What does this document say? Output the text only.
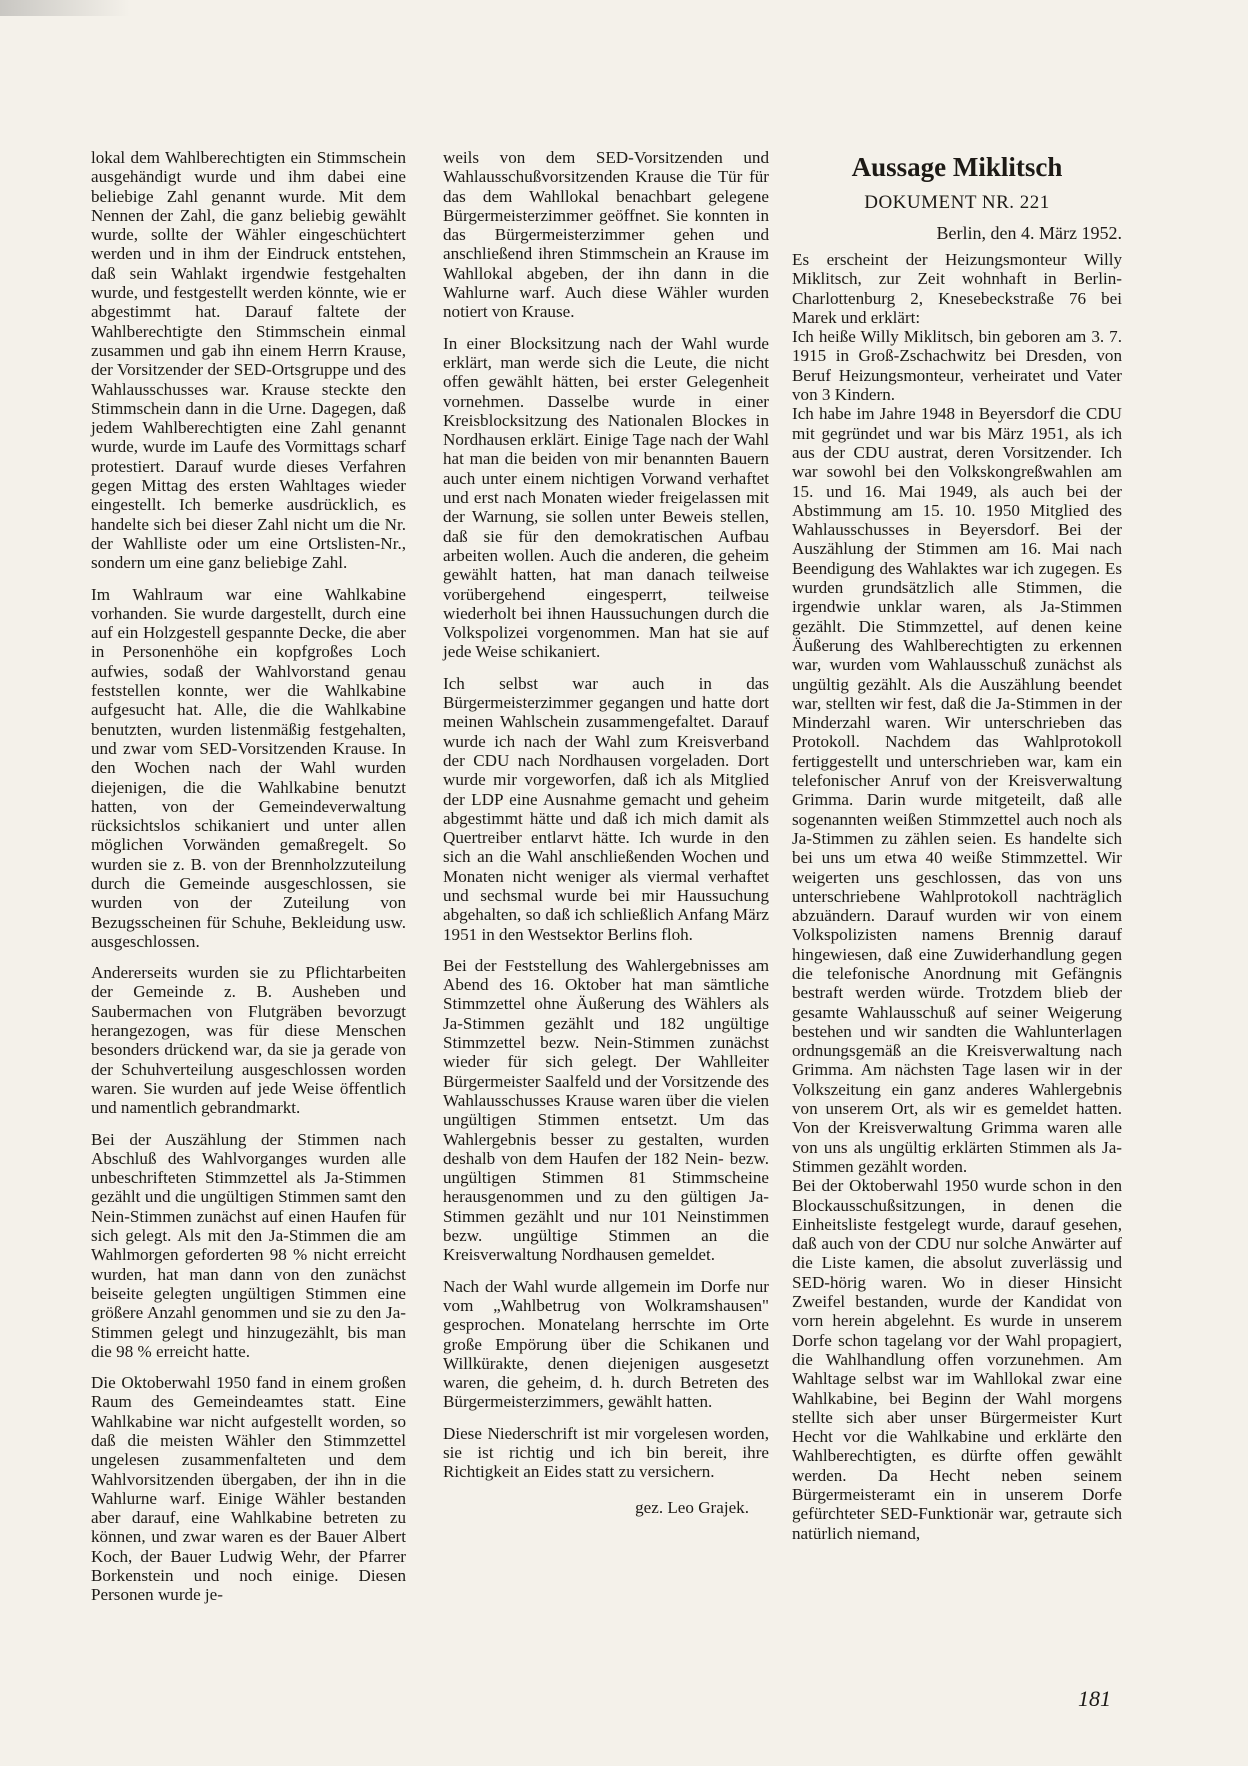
lokal dem Wahlberechtigten ein Stimmschein ausgehändigt wurde und ihm dabei eine beliebige Zahl genannt wurde. Mit dem Nennen der Zahl, die ganz beliebig gewählt wurde, sollte der Wähler eingeschüchtert werden und in ihm der Eindruck entstehen, daß sein Wahlakt irgendwie festgehalten wurde, und festgestellt werden könnte, wie er abgestimmt hat. Darauf faltete der Wahlberechtigte den Stimmschein einmal zusammen und gab ihn einem Herrn Krause, der Vorsitzender der SED-Ortsgruppe und des Wahlausschusses war. Krause steckte den Stimmschein dann in die Urne. Dagegen, daß jedem Wahlberechtigten eine Zahl genannt wurde, wurde im Laufe des Vormittags scharf protestiert. Darauf wurde dieses Verfahren gegen Mittag des ersten Wahltages wieder eingestellt. Ich bemerke ausdrücklich, es handelte sich bei dieser Zahl nicht um die Nr. der Wahlliste oder um eine Ortslisten-Nr., sondern um eine ganz beliebige Zahl.

Im Wahlraum war eine Wahlkabine vorhanden. Sie wurde dargestellt, durch eine auf ein Holzgestell gespannte Decke, die aber in Personenhöhe ein kopfgroßes Loch aufwies, sodaß der Wahlvorstand genau feststellen konnte, wer die Wahlkabine aufgesucht hat. Alle, die die Wahlkabine benutzten, wurden listenmäßig festgehalten, und zwar vom SED-Vorsitzenden Krause. In den Wochen nach der Wahl wurden diejenigen, die die Wahlkabine benutzt hatten, von der Gemeindeverwaltung rücksichtslos schikaniert und unter allen möglichen Vorwänden gemaßregelt. So wurden sie z. B. von der Brennholzzuteilung durch die Gemeinde ausgeschlossen, sie wurden von der Zuteilung von Bezugsscheinen für Schuhe, Bekleidung usw. ausgeschlossen.

Andererseits wurden sie zu Pflichtarbeiten der Gemeinde z. B. Ausheben und Saubermachen von Flutgräben bevorzugt herangezogen, was für diese Menschen besonders drückend war, da sie ja gerade von der Schuhverteilung ausgeschlossen worden waren. Sie wurden auf jede Weise öffentlich und namentlich gebrandmarkt.

Bei der Auszählung der Stimmen nach Abschluß des Wahlvorganges wurden alle unbeschrifteten Stimmzettel als Ja-Stimmen gezählt und die ungültigen Stimmen samt den Nein-Stimmen zunächst auf einen Haufen für sich gelegt. Als mit den Ja-Stimmen die am Wahlmorgen geforderten 98 % nicht erreicht wurden, hat man dann von den zunächst beiseite gelegten ungültigen Stimmen eine größere Anzahl genommen und sie zu den Ja-Stimmen gelegt und hinzugezählt, bis man die 98 % erreicht hatte.

Die Oktoberwahl 1950 fand in einem großen Raum des Gemeindeamtes statt. Eine Wahlkabine war nicht aufgestellt worden, so daß die meisten Wähler den Stimmzettel ungelesen zusammenfalteten und dem Wahlvorsitzenden übergaben, der ihn in die Wahlurne warf. Einige Wähler bestanden aber darauf, eine Wahlkabine betreten zu können, und zwar waren es der Bauer Albert Koch, der Bauer Ludwig Wehr, der Pfarrer Borkenstein und noch einige. Diesen Personen wurde je-

weils von dem SED-Vorsitzenden und Wahlausschußvorsitzenden Krause die Tür für das dem Wahllokal benachbart gelegene Bürgermeisterzimmer geöffnet. Sie konnten in das Bürgermeisterzimmer gehen und anschließend ihren Stimmschein an Krause im Wahllokal abgeben, der ihn dann in die Wahlurne warf. Auch diese Wähler wurden notiert von Krause.

In einer Blocksitzung nach der Wahl wurde erklärt, man werde sich die Leute, die nicht offen gewählt hätten, bei erster Gelegenheit vornehmen. Dasselbe wurde in einer Kreisblocksitzung des Nationalen Blockes in Nordhausen erklärt. Einige Tage nach der Wahl hat man die beiden von mir benannten Bauern auch unter einem nichtigen Vorwand verhaftet und erst nach Monaten wieder freigelassen mit der Warnung, sie sollen unter Beweis stellen, daß sie für den demokratischen Aufbau arbeiten wollen. Auch die anderen, die geheim gewählt hatten, hat man danach teilweise vorübergehend eingesperrt, teilweise wiederholt bei ihnen Haussuchungen durch die Volkspolizei vorgenommen. Man hat sie auf jede Weise schikaniert.

Ich selbst war auch in das Bürgermeisterzimmer gegangen und hatte dort meinen Wahlschein zusammengefaltet. Darauf wurde ich nach der Wahl zum Kreisverband der CDU nach Nordhausen vorgeladen. Dort wurde mir vorgeworfen, daß ich als Mitglied der LDP eine Ausnahme gemacht und geheim abgestimmt hätte und daß ich mich damit als Quertreiber entlarvt hätte. Ich wurde in den sich an die Wahl anschließenden Wochen und Monaten nicht weniger als viermal verhaftet und sechsmal wurde bei mir Haussuchung abgehalten, so daß ich schließlich Anfang März 1951 in den Westsektor Berlins floh.

Bei der Feststellung des Wahlergebnisses am Abend des 16. Oktober hat man sämtliche Stimmzettel ohne Äußerung des Wählers als Ja-Stimmen gezählt und 182 ungültige Stimmzettel bezw. Nein-Stimmen zunächst wieder für sich gelegt. Der Wahlleiter Bürgermeister Saalfeld und der Vorsitzende des Wahlausschusses Krause waren über die vielen ungültigen Stimmen entsetzt. Um das Wahlergebnis besser zu gestalten, wurden deshalb von dem Haufen der 182 Nein- bezw. ungültigen Stimmen 81 Stimmscheine herausgenommen und zu den gültigen Ja-Stimmen gezählt und nur 101 Neinstimmen bezw. ungültige Stimmen an die Kreisverwaltung Nordhausen gemeldet.

Nach der Wahl wurde allgemein im Dorfe nur vom „Wahlbetrug von Wolkramshausen" gesprochen. Monatelang herrschte im Orte große Empörung über die Schikanen und Willkürakte, denen diejenigen ausgesetzt waren, die geheim, d. h. durch Betreten des Bürgermeisterzimmers, gewählt hatten.

Diese Niederschrift ist mir vorgelesen worden, sie ist richtig und ich bin bereit, ihre Richtigkeit an Eides statt zu versichern.

gez. Leo Grajek.

Aussage Miklitsch
DOKUMENT NR. 221
Berlin, den 4. März 1952.

Es erscheint der Heizungsmonteur Willy Miklitsch, zur Zeit wohnhaft in Berlin-Charlottenburg 2, Knesebeckstraße 76 bei Marek und erklärt:

Ich heiße Willy Miklitsch, bin geboren am 3. 7. 1915 in Groß-Zschachwitz bei Dresden, von Beruf Heizungsmonteur, verheiratet und Vater von 3 Kindern.

Ich habe im Jahre 1948 in Beyersdorf die CDU mit gegründet und war bis März 1951, als ich aus der CDU austrat, deren Vorsitzender. Ich war sowohl bei den Volkskongreßwahlen am 15. und 16. Mai 1949, als auch bei der Abstimmung am 15. 10. 1950 Mitglied des Wahlausschusses in Beyersdorf. Bei der Auszählung der Stimmen am 16. Mai nach Beendigung des Wahlaktes war ich zugegen. Es wurden grundsätzlich alle Stimmen, die irgendwie unklar waren, als Ja-Stimmen gezählt. Die Stimmzettel, auf denen keine Äußerung des Wahlberechtigten zu erkennen war, wurden vom Wahlausschuß zunächst als ungültig gezählt. Als die Auszählung beendet war, stellten wir fest, daß die Ja-Stimmen in der Minderzahl waren. Wir unterschrieben das Protokoll. Nachdem das Wahlprotokoll fertiggestellt und unterschrieben war, kam ein telefonischer Anruf von der Kreisverwaltung Grimma. Darin wurde mitgeteilt, daß alle sogenannten weißen Stimmzettel auch noch als Ja-Stimmen zu zählen seien. Es handelte sich bei uns um etwa 40 weiße Stimmzettel. Wir weigerten uns geschlossen, das von uns unterschriebene Wahlprotokoll nachträglich abzuändern. Darauf wurden wir von einem Volkspolizisten namens Brennig darauf hingewiesen, daß eine Zuwiderhandlung gegen die telefonische Anordnung mit Gefängnis bestraft werden würde. Trotzdem blieb der gesamte Wahlausschuß auf seiner Weigerung bestehen und wir sandten die Wahlunterlagen ordnungsgemäß an die Kreisverwaltung nach Grimma. Am nächsten Tage lasen wir in der Volkszeitung ein ganz anderes Wahlergebnis von unserem Ort, als wir es gemeldet hatten. Von der Kreisverwaltung Grimma waren alle von uns als ungültig erklärten Stimmen als Ja-Stimmen gezählt worden.

Bei der Oktoberwahl 1950 wurde schon in den Blockausschußsitzungen, in denen die Einheitsliste festgelegt wurde, darauf gesehen, daß auch von der CDU nur solche Anwärter auf die Liste kamen, die absolut zuverlässig und SED-hörig waren. Wo in dieser Hinsicht Zweifel bestanden, wurde der Kandidat von vorn herein abgelehnt. Es wurde in unserem Dorfe schon tagelang vor der Wahl propagiert, die Wahlhandlung offen vorzunehmen. Am Wahltage selbst war im Wahllokal zwar eine Wahlkabine, bei Beginn der Wahl morgens stellte sich aber unser Bürgermeister Kurt Hecht vor die Wahlkabine und erklärte den Wahlberechtigten, es dürfte offen gewählt werden. Da Hecht neben seinem Bürgermeisteramt ein in unserem Dorfe gefürchteter SED-Funktionär war, getraute sich natürlich niemand,

181
